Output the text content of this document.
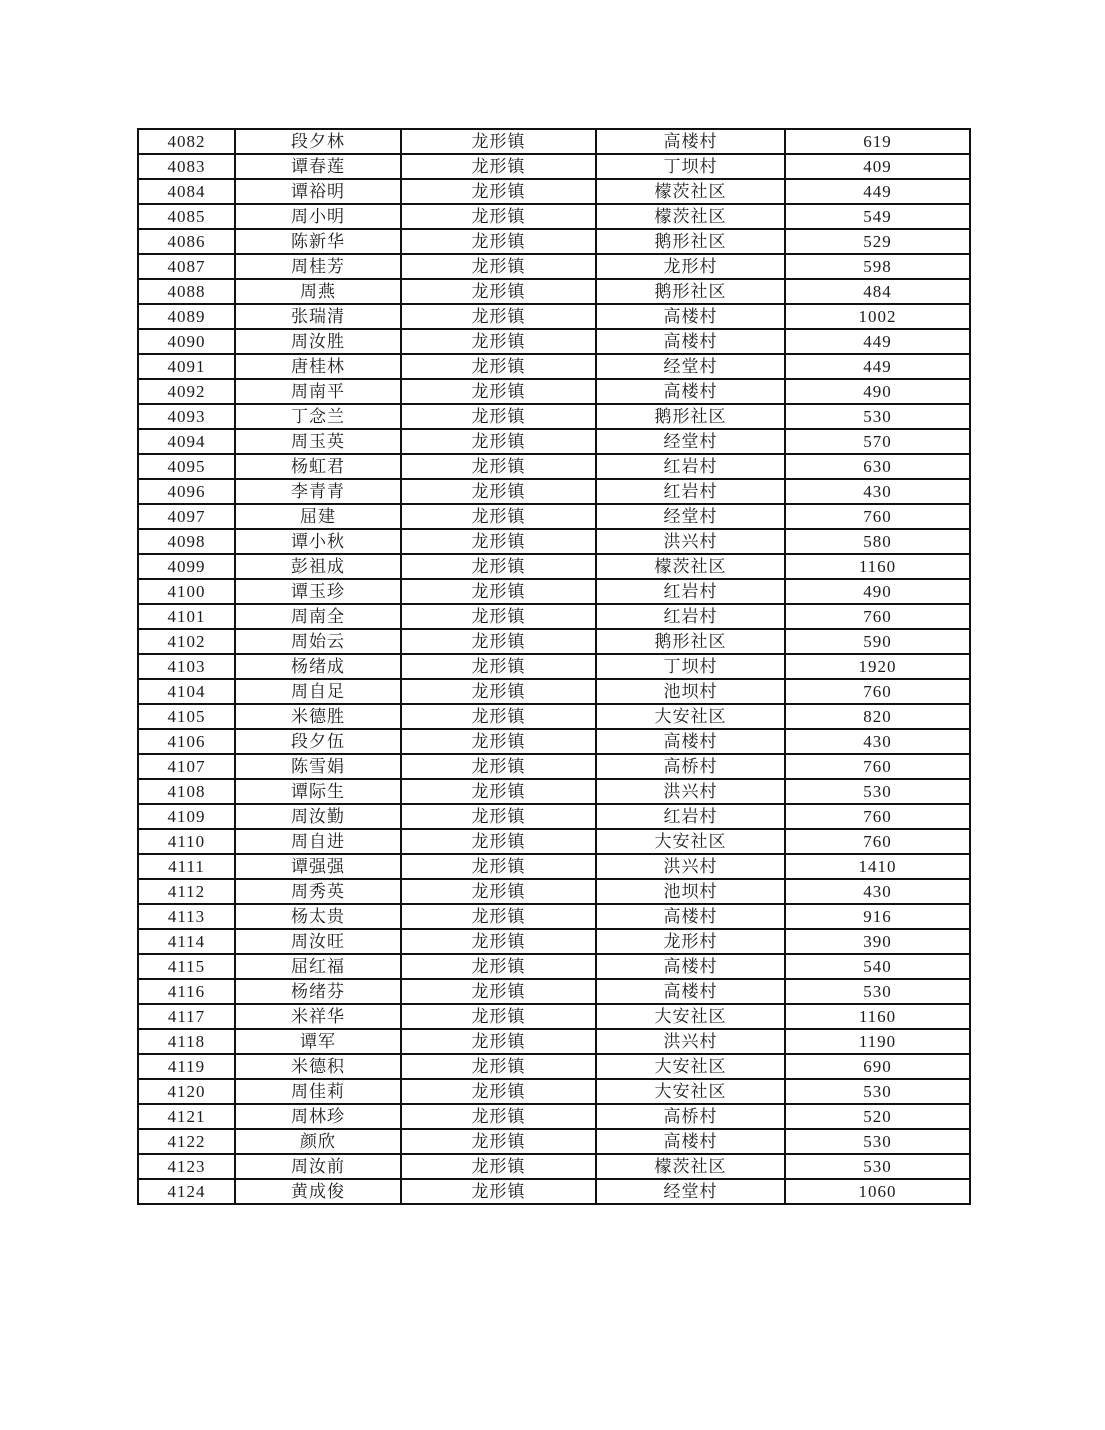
4082	段夕林	龙形镇	高楼村	619
4083	谭春莲	龙形镇	丁坝村	409
4084	谭裕明	龙形镇	檬茨社区	449
4085	周小明	龙形镇	檬茨社区	549
4086	陈新华	龙形镇	鹅形社区	529
4087	周桂芳	龙形镇	龙形村	598
4088	周燕	龙形镇	鹅形社区	484
4089	张瑞清	龙形镇	高楼村	1002
4090	周汝胜	龙形镇	高楼村	449
4091	唐桂林	龙形镇	经堂村	449
4092	周南平	龙形镇	高楼村	490
4093	丁念兰	龙形镇	鹅形社区	530
4094	周玉英	龙形镇	经堂村	570
4095	杨虹君	龙形镇	红岩村	630
4096	李青青	龙形镇	红岩村	430
4097	屈建	龙形镇	经堂村	760
4098	谭小秋	龙形镇	洪兴村	580
4099	彭祖成	龙形镇	檬茨社区	1160
4100	谭玉珍	龙形镇	红岩村	490
4101	周南全	龙形镇	红岩村	760
4102	周始云	龙形镇	鹅形社区	590
4103	杨绪成	龙形镇	丁坝村	1920
4104	周自足	龙形镇	池坝村	760
4105	米德胜	龙形镇	大安社区	820
4106	段夕伍	龙形镇	高楼村	430
4107	陈雪娟	龙形镇	高桥村	760
4108	谭际生	龙形镇	洪兴村	530
4109	周汝勤	龙形镇	红岩村	760
4110	周自进	龙形镇	大安社区	760
4111	谭强强	龙形镇	洪兴村	1410
4112	周秀英	龙形镇	池坝村	430
4113	杨太贵	龙形镇	高楼村	916
4114	周汝旺	龙形镇	龙形村	390
4115	屈红福	龙形镇	高楼村	540
4116	杨绪芬	龙形镇	高楼村	530
4117	米祥华	龙形镇	大安社区	1160
4118	谭军	龙形镇	洪兴村	1190
4119	米德积	龙形镇	大安社区	690
4120	周佳莉	龙形镇	大安社区	530
4121	周林珍	龙形镇	高桥村	520
4122	颜欣	龙形镇	高楼村	530
4123	周汝前	龙形镇	檬茨社区	530
4124	黄成俊	龙形镇	经堂村	1060
